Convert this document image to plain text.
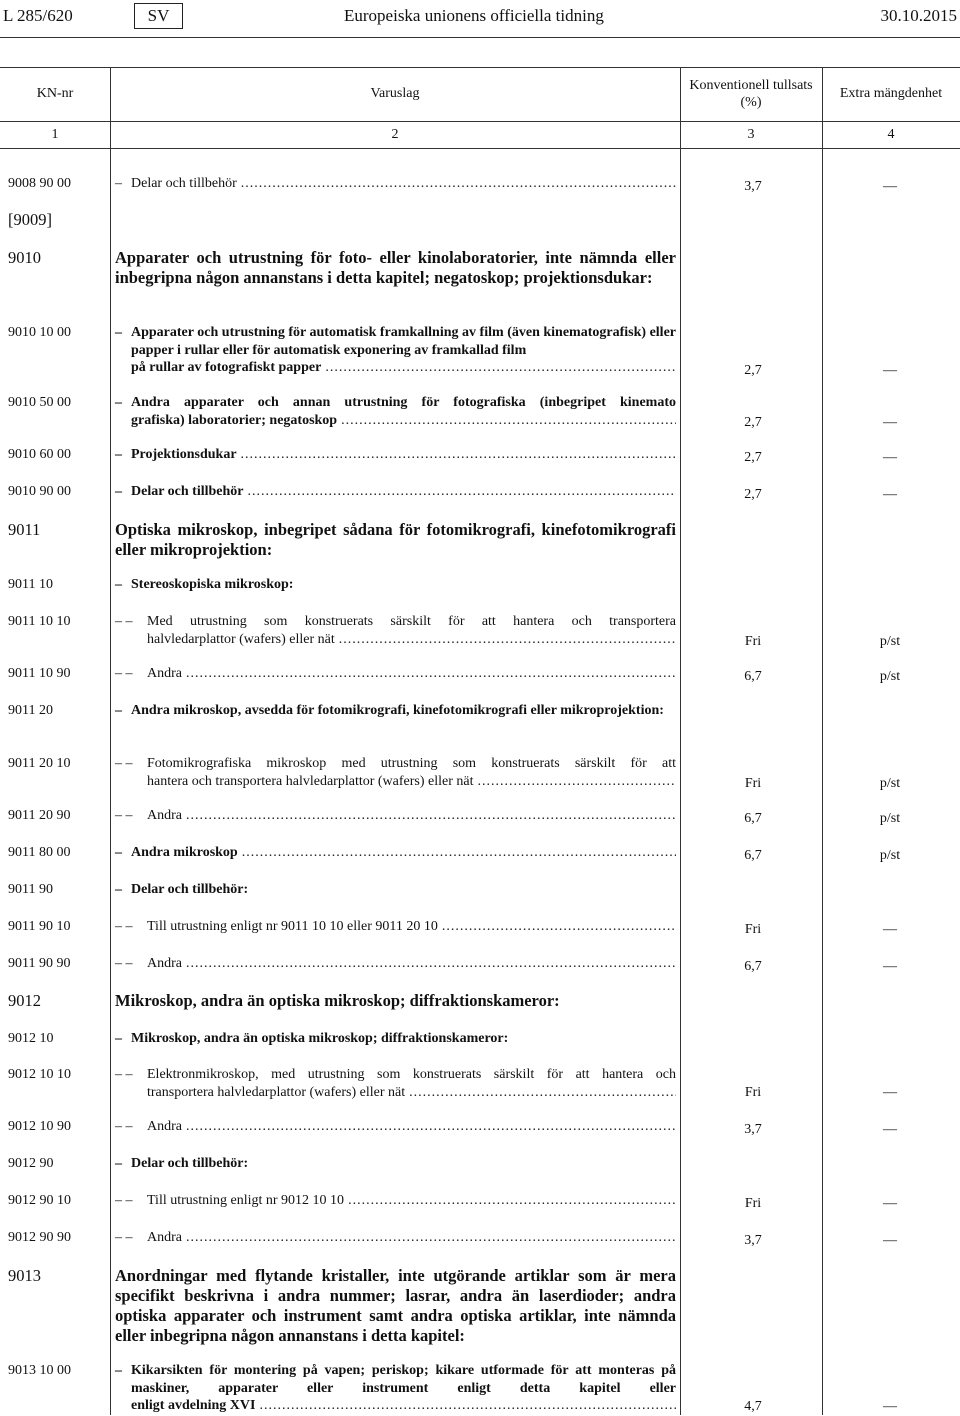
L 285/620	SV	Europeiska unionens officiella tidning	30.10.2015
KN-nr	Varuslag
Konventionell tullsats
(%)
Extra mängdenhet
1	2	3	4
9008 90 00	– Delar och tillbehör .....	3,7	—
[9009]
9010	Apparater och utrustning för foto- eller kinolaboratorier, inte nämnda eller inbegripna någon annanstans i detta kapitel; negatoskop; projektionsdukar:
9010 10 00	– Apparater och utrustning för automatisk framkallning av film (även kinematografisk) eller papper i rullar eller för automatisk exponering av framkallad film
på rullar av fotografiskt papper .....	2,7	—
9010 50 00	– Andra apparater och annan utrustning för fotografiska (inbegripet kinemato
grafiska) laboratorier; negatoskop .....	2,7	—
9010 60 00	– Projektionsdukar .....	2,7	—
9010 90 00	– Delar och tillbehör .....	2,7	—
9011	Optiska mikroskop, inbegripet sådana för fotomikrografi, kinefotomikrografi eller mikroprojektion:
9011 10	– Stereoskopiska mikroskop:
9011 10 10	– –	Med utrustning som konstruerats särskilt för att hantera och transportera
halvledarplattor (wafers) eller nät .....	Fri	p/st
9011 10 90	– – Andra .....	6,7	p/st
9011 20	– Andra mikroskop, avsedda för fotomikrografi, kinefotomikrografi eller mikroprojektion:
9011 20 10	– –	Fotomikrografiska mikroskop med utrustning som konstruerats särskilt för att
hantera och transportera halvledarplattor (wafers) eller nät .....	Fri	p/st
9011 20 90	– – Andra .....	6,7	p/st
9011 80 00	– Andra mikroskop .....	6,7	p/st
9011 90	– Delar och tillbehör:
9011 90 10	– – Till utrustning enligt nr 9011 10 10 eller 9011 20 10 .....	Fri	—
9011 90 90	– – Andra .....	6,7	—
9012	Mikroskop, andra än optiska mikroskop; diffraktionskameror:
9012 10	– Mikroskop, andra än optiska mikroskop; diffraktionskameror:
9012 10 10	– –	Elektronmikroskop, med utrustning som konstruerats särskilt för att hantera och
transportera halvledarplattor (wafers) eller nät .....	Fri	—
9012 10 90	– – Andra .....	3,7	—
9012 90	– Delar och tillbehör:
9012 90 10	– – Till utrustning enligt nr 9012 10 10 .....	Fri	—
9012 90 90	– – Andra .....	3,7	—
9013	Anordningar med flytande kristaller, inte utgörande artiklar som är mera specifikt beskrivna i andra nummer; lasrar, andra än laserdioder; andra optiska apparater och instrument samt andra optiska artiklar, inte nämnda eller inbegripna någon annanstans i detta kapitel:
9013 10 00	– Kikarsikten för montering på vapen; periskop; kikare utformade för att monteras på maskiner, apparater eller instrument enligt detta kapitel eller
enligt avdelning XVI .....	4,7	—
